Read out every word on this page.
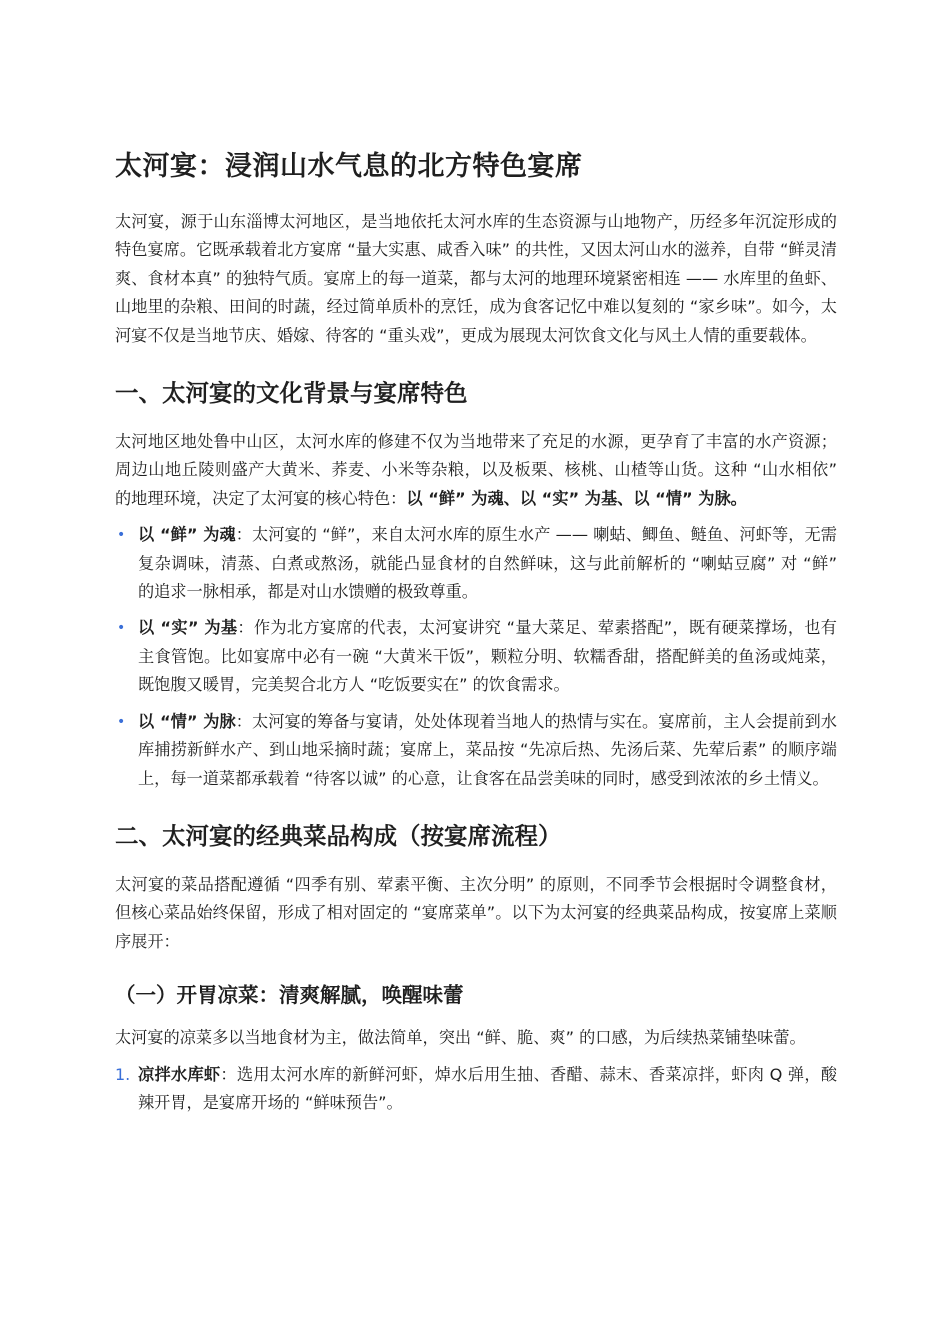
太河宴：浸润山水气息的北方特色宴席

太河宴，源于山东淄博太河地区，是当地依托太河水库的生态资源与山地物产，历经多年沉淀形成的特色宴席。它既承载着北方宴席 “量大实惠、咸香入味” 的共性，又因太河山水的滋养，自带 “鲜灵清爽、食材本真” 的独特气质。宴席上的每一道菜，都与太河的地理环境紧密相连 —— 水库里的鱼虾、山地里的杂粮、田间的时蔬，经过简单质朴的烹饪，成为食客记忆中难以复刻的 “家乡味”。如今，太河宴不仅是当地节庆、婚嫁、待客的 “重头戏”，更成为展现太河饮食文化与风土人情的重要载体。

一、太河宴的文化背景与宴席特色

太河地区地处鲁中山区，太河水库的修建不仅为当地带来了充足的水源，更孕育了丰富的水产资源；周边山地丘陵则盛产大黄米、荞麦、小米等杂粮，以及板栗、核桃、山楂等山货。这种 “山水相依” 的地理环境，决定了太河宴的核心特色：以 “鲜” 为魂、以 “实” 为基、以 “情” 为脉。

• 以 “鲜” 为魂：太河宴的 “鲜”，来自太河水库的原生水产 —— 喇蛄、鲫鱼、鲢鱼、河虾等，无需复杂调味，清蒸、白煮或熬汤，就能凸显食材的自然鲜味，这与此前解析的 “喇蛄豆腐” 对 “鲜” 的追求一脉相承，都是对山水馈赠的极致尊重。
• 以 “实” 为基：作为北方宴席的代表，太河宴讲究 “量大菜足、荤素搭配”，既有硬菜撑场，也有主食管饱。比如宴席中必有一碗 “大黄米干饭”，颗粒分明、软糯香甜，搭配鲜美的鱼汤或炖菜，既饱腹又暖胃，完美契合北方人 “吃饭要实在” 的饮食需求。
• 以 “情” 为脉：太河宴的筹备与宴请，处处体现着当地人的热情与实在。宴席前，主人会提前到水库捕捞新鲜水产、到山地采摘时蔬；宴席上，菜品按 “先凉后热、先汤后菜、先荤后素” 的顺序端上，每一道菜都承载着 “待客以诚” 的心意，让食客在品尝美味的同时，感受到浓浓的乡土情义。
二、太河宴的经典菜品构成（按宴席流程）

太河宴的菜品搭配遵循 “四季有别、荤素平衡、主次分明” 的原则，不同季节会根据时令调整食材，但核心菜品始终保留，形成了相对固定的 “宴席菜单”。以下为太河宴的经典菜品构成，按宴席上菜顺序展开：

（一）开胃凉菜：清爽解腻，唤醒味蕾

太河宴的凉菜多以当地食材为主，做法简单，突出 “鲜、脆、爽” 的口感，为后续热菜铺垫味蕾。

1. 凉拌水库虾：选用太河水库的新鲜河虾，焯水后用生抽、香醋、蒜末、香菜凉拌，虾肉 Q 弹，酸辣开胃，是宴席开场的 “鲜味预告”。
